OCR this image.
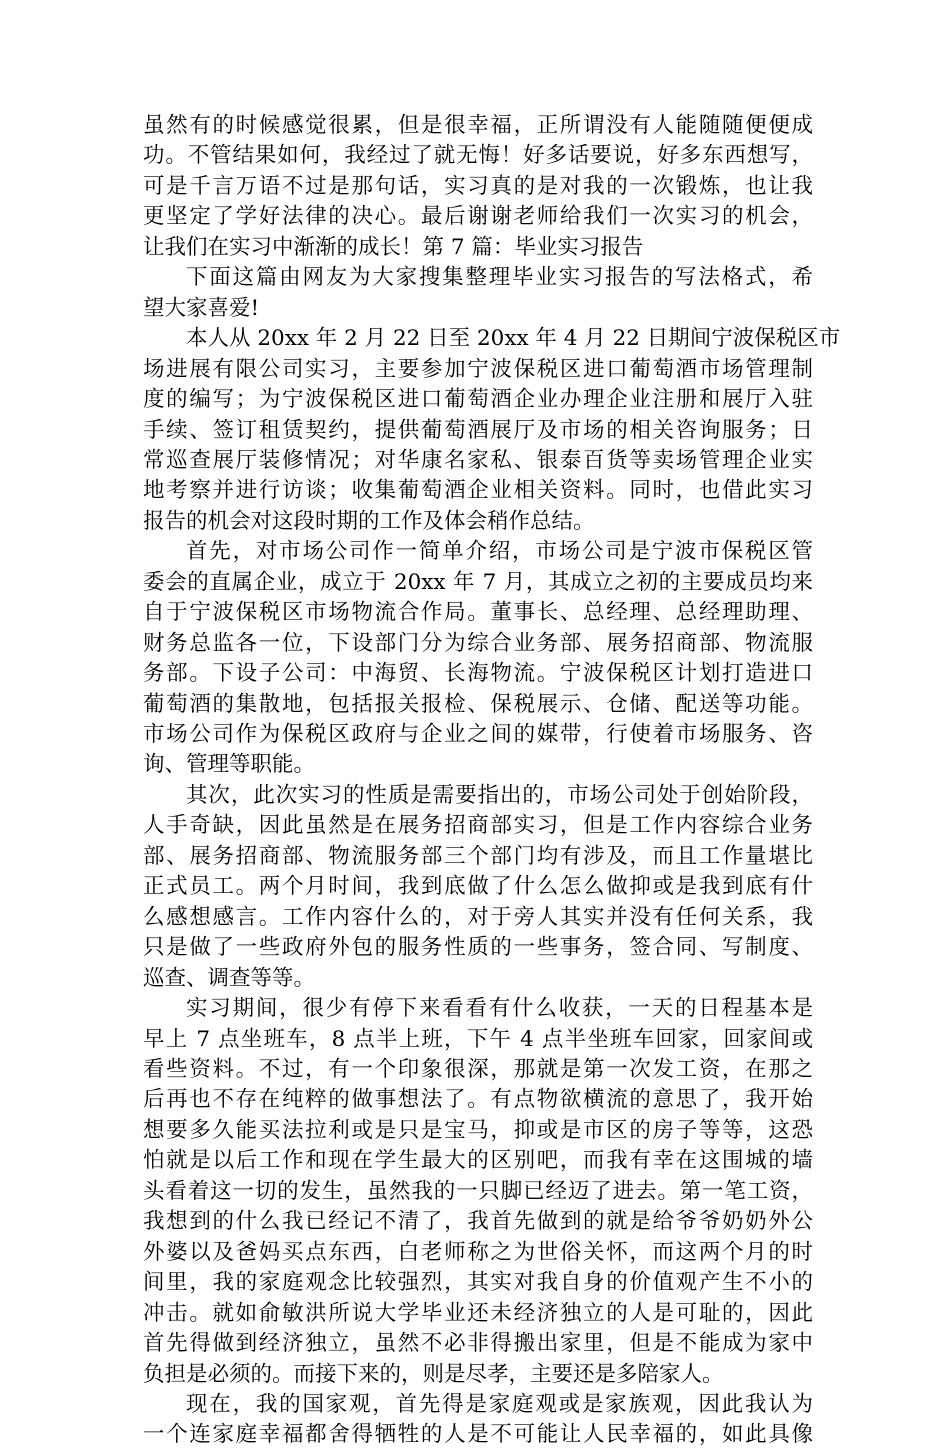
虽然有的时候感觉很累，但是很幸福，正所谓没有人能随随便便成
功。不管结果如何，我经过了就无悔！好多话要说，好多东西想写，
可是千言万语不过是那句话，实习真的是对我的一次锻炼，也让我
更坚定了学好法律的决心。最后谢谢老师给我们一次实习的机会，
让我们在实习中渐渐的成长！第 7 篇：毕业实习报告
下面这篇由网友为大家搜集整理毕业实习报告的写法格式，希
望大家喜爱!
本人从 20xx 年 2 月 22 日至 20xx 年 4 月 22 日期间宁波保税区市
场进展有限公司实习，主要参加宁波保税区进口葡萄酒市场管理制
度的编写；为宁波保税区进口葡萄酒企业办理企业注册和展厅入驻
手续、签订租赁契约，提供葡萄酒展厅及市场的相关咨询服务；日
常巡查展厅装修情况；对华康名家私、银泰百货等卖场管理企业实
地考察并进行访谈；收集葡萄酒企业相关资料。同时，也借此实习
报告的机会对这段时期的工作及体会稍作总结。
首先，对市场公司作一简单介绍，市场公司是宁波市保税区管
委会的直属企业，成立于 20xx 年 7 月，其成立之初的主要成员均来
自于宁波保税区市场物流合作局。董事长、总经理、总经理助理、
财务总监各一位，下设部门分为综合业务部、展务招商部、物流服
务部。下设子公司：中海贸、长海物流。宁波保税区计划打造进口
葡萄酒的集散地，包括报关报检、保税展示、仓储、配送等功能。
市场公司作为保税区政府与企业之间的媒带，行使着市场服务、咨
询、管理等职能。
其次，此次实习的性质是需要指出的，市场公司处于创始阶段，
人手奇缺，因此虽然是在展务招商部实习，但是工作内容综合业务
部、展务招商部、物流服务部三个部门均有涉及，而且工作量堪比
正式员工。两个月时间，我到底做了什么怎么做抑或是我到底有什
么感想感言。工作内容什么的，对于旁人其实并没有任何关系，我
只是做了一些政府外包的服务性质的一些事务，签合同、写制度、
巡查、调查等等。
实习期间，很少有停下来看看有什么收获，一天的日程基本是
早上 7 点坐班车，8 点半上班，下午 4 点半坐班车回家，回家间或
看些资料。不过，有一个印象很深，那就是第一次发工资，在那之
后再也不存在纯粹的做事想法了。有点物欲横流的意思了，我开始
想要多久能买法拉利或是只是宝马，抑或是市区的房子等等，这恐
怕就是以后工作和现在学生最大的区别吧，而我有幸在这围城的墙
头看着这一切的发生，虽然我的一只脚已经迈了进去。第一笔工资，
我想到的什么我已经记不清了，我首先做到的就是给爷爷奶奶外公
外婆以及爸妈买点东西，白老师称之为世俗关怀，而这两个月的时
间里，我的家庭观念比较强烈，其实对我自身的价值观产生不小的
冲击。就如俞敏洪所说大学毕业还未经济独立的人是可耻的，因此
首先得做到经济独立，虽然不必非得搬出家里，但是不能成为家中
负担是必须的。而接下来的，则是尽孝，主要还是多陪家人。
现在，我的国家观，首先得是家庭观或是家族观，因此我认为
一个连家庭幸福都舍得牺牲的人是不可能让人民幸福的，如此具像
